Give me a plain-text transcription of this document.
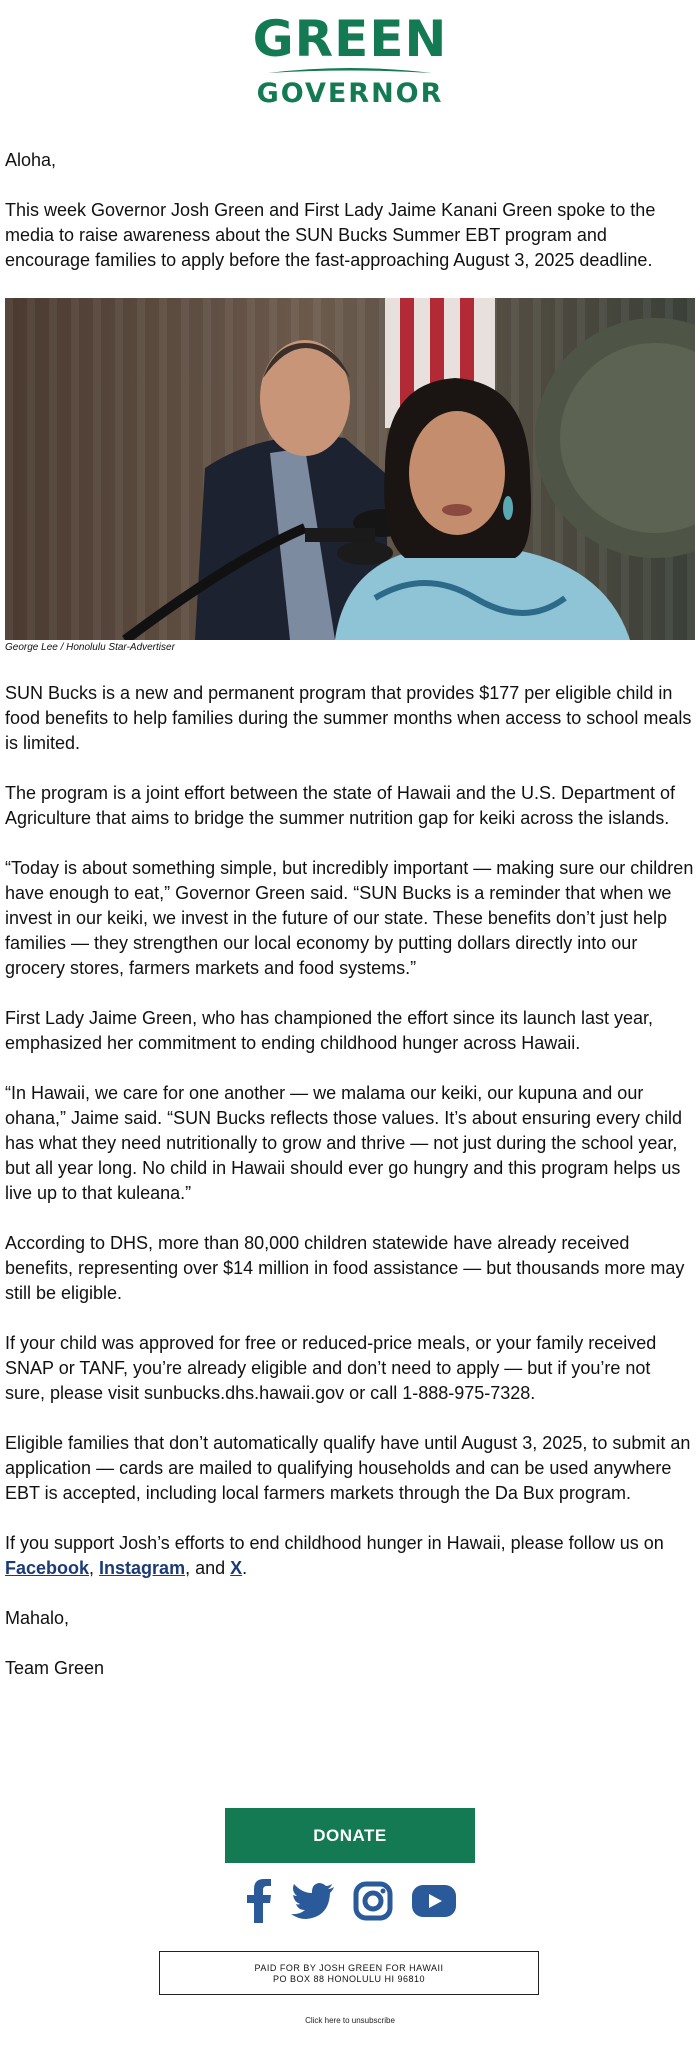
GREEN
GOVERNOR

Aloha,

This week Governor Josh Green and First Lady Jaime Kanani Green spoke to the media to raise awareness about the SUN Bucks Summer EBT program and encourage families to apply before the fast-approaching August 3, 2025 deadline.

George Lee / Honolulu Star-Advertiser

SUN Bucks is a new and permanent program that provides $177 per eligible child in food benefits to help families during the summer months when access to school meals is limited.

The program is a joint effort between the state of Hawaii and the U.S. Department of Agriculture that aims to bridge the summer nutrition gap for keiki across the islands.

“Today is about something simple, but incredibly important — making sure our children have enough to eat,” Governor Green said. “SUN Bucks is a reminder that when we invest in our keiki, we invest in the future of our state. These benefits don’t just help families — they strengthen our local economy by putting dollars directly into our grocery stores, farmers markets and food systems.”

First Lady Jaime Green, who has championed the effort since its launch last year, emphasized her commitment to ending childhood hunger across Hawaii.

“In Hawaii, we care for one another — we malama our keiki, our kupuna and our ohana,” Jaime said. “SUN Bucks reflects those values. It’s about ensuring every child has what they need nutritionally to grow and thrive — not just during the school year, but all year long. No child in Hawaii should ever go hungry and this program helps us live up to that kuleana.”

According to DHS, more than 80,000 children statewide have already received benefits, representing over $14 million in food assistance — but thousands more may still be eligible.

If your child was approved for free or reduced-price meals, or your family received SNAP or TANF, you’re already eligible and don’t need to apply — but if you’re not sure, please visit sunbucks.dhs.hawaii.gov or call 1-888-975-7328.

Eligible families that don’t automatically qualify have until August 3, 2025, to submit an application — cards are mailed to qualifying households and can be used anywhere EBT is accepted, including local farmers markets through the Da Bux program.

If you support Josh’s efforts to end childhood hunger in Hawaii, please follow us on Facebook, Instagram, and X.

Mahalo,

Team Green

DONATE
PAID FOR BY JOSH GREEN FOR HAWAII
PO BOX 88 HONOLULU HI 96810
Click here to unsubscribe
